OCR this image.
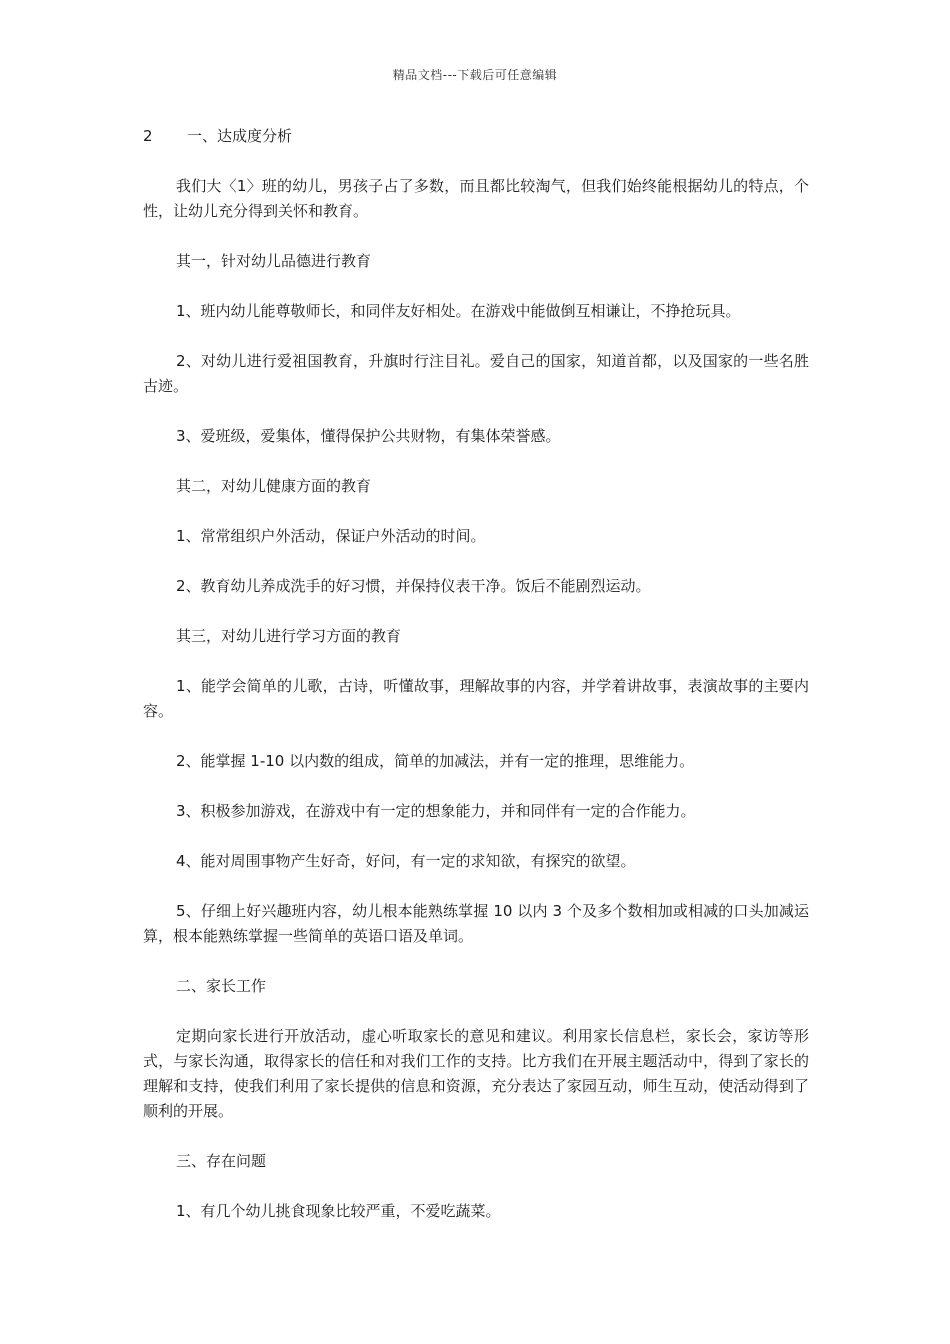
精品文档---下载后可任意编辑
2	一、达成度分析

我们大〈1〉班的幼儿，男孩子占了多数，而且都比较淘气，但我们始终能根据幼儿的特点，个性，让幼儿充分得到关怀和教育。

其一，针对幼儿品德进行教育

1、班内幼儿能尊敬师长，和同伴友好相处。在游戏中能做倒互相谦让，不挣抢玩具。

2、对幼儿进行爱祖国教育，升旗时行注目礼。爱自己的国家，知道首都，以及国家的一些名胜古迹。

3、爱班级，爱集体，懂得保护公共财物，有集体荣誉感。

其二，对幼儿健康方面的教育

1、常常组织户外活动，保证户外活动的时间。

2、教育幼儿养成洗手的好习惯，并保持仪表干净。饭后不能剧烈运动。

其三，对幼儿进行学习方面的教育

1、能学会简单的儿歌，古诗，听懂故事，理解故事的内容，并学着讲故事，表演故事的主要内容。

2、能掌握 1-10 以内数的组成，简单的加减法，并有一定的推理，思维能力。

3、积极参加游戏，在游戏中有一定的想象能力，并和同伴有一定的合作能力。

4、能对周围事物产生好奇，好问，有一定的求知欲，有探究的欲望。

5、仔细上好兴趣班内容，幼儿根本能熟练掌握 10 以内 3 个及多个数相加或相减的口头加减运算，根本能熟练掌握一些简单的英语口语及单词。

二、家长工作

定期向家长进行开放活动，虚心听取家长的意见和建议。利用家长信息栏，家长会，家访等形式，与家长沟通，取得家长的信任和对我们工作的支持。比方我们在开展主题活动中，得到了家长的理解和支持，使我们利用了家长提供的信息和资源，充分表达了家园互动，师生互动，使活动得到了顺利的开展。

三、存在问题

1、有几个幼儿挑食现象比较严重，不爱吃蔬菜。
